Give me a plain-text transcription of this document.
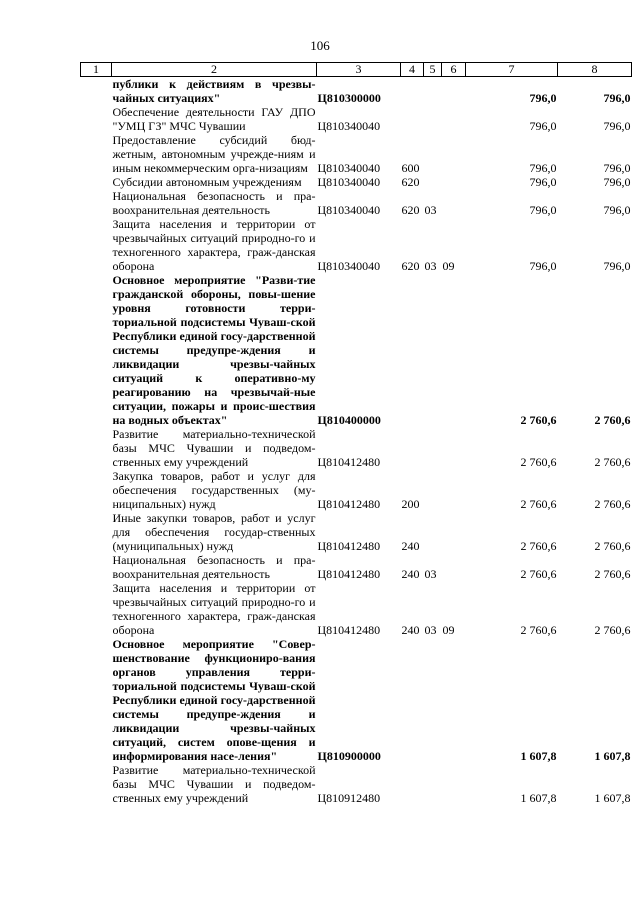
106
1	2	3	4	5	6	7	8
	публики к действиям в чрезвы-чайных ситуациях"	Ц810300000				796,0	796,0
	Обеспечение деятельности ГАУ ДПО "УМЦ ГЗ" МЧС Чувашии	Ц810340040				796,0	796,0
	Предоставление субсидий бюд-жетным, автономным учрежде-ниям и иным некоммерческим орга-низациям	Ц810340040	600			796,0	796,0
	Субсидии автономным учреждениям	Ц810340040	620			796,0	796,0
	Национальная безопасность и пра-воохранительная деятельность	Ц810340040	620	03		796,0	796,0
	Защита населения и территории от чрезвычайных ситуаций природно-го и техногенного характера, граж-данская оборона	Ц810340040	620	03	09	796,0	796,0
	Основное мероприятие "Разви-тие гражданской обороны, повы-шение уровня готовности терри-ториальной подсистемы Чуваш-ской Республики единой госу-дарственной системы предупре-ждения и ликвидации чрезвы-чайных ситуаций к оперативно-му реагированию на чрезвычай-ные ситуации, пожары и проис-шествия на водных объектах"	Ц810400000				2 760,6	2 760,6
	Развитие материально-технической базы МЧС Чувашии и подведом-ственных ему учреждений	Ц810412480				2 760,6	2 760,6
	Закупка товаров, работ и услуг для обеспечения государственных (му-ниципальных) нужд	Ц810412480	200			2 760,6	2 760,6
	Иные закупки товаров, работ и услуг для обеспечения государ-ственных (муниципальных) нужд	Ц810412480	240			2 760,6	2 760,6
	Национальная безопасность и пра-воохранительная деятельность	Ц810412480	240	03		2 760,6	2 760,6
	Защита населения и территории от чрезвычайных ситуаций природно-го и техногенного характера, граж-данская оборона	Ц810412480	240	03	09	2 760,6	2 760,6
	Основное мероприятие "Совер-шенствование функциониро-вания органов управления терри-ториальной подсистемы Чуваш-ской Республики единой госу-дарственной системы предупре-ждения и ликвидации чрезвы-чайных ситуаций, систем опове-щения и информирования насе-ления"	Ц810900000				1 607,8	1 607,8
	Развитие материально-технической базы МЧС Чувашии и подведом-ственных ему учреждений	Ц810912480				1 607,8	1 607,8
